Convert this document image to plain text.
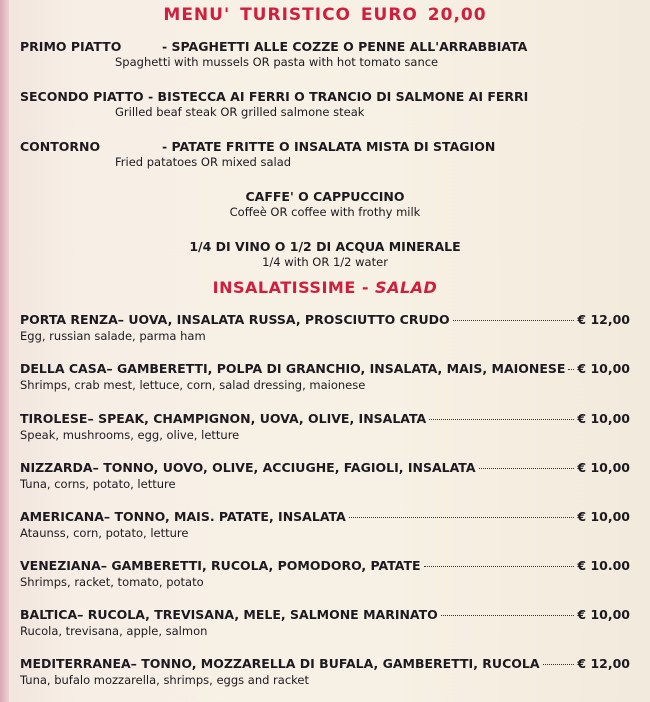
MENU' TURISTICO EURO 20,00
PRIMO PIATTO	- SPAGHETTI ALLE COZZE O PENNE ALL'ARRABBIATA
Spaghetti with mussels OR pasta with hot tomato sance
SECONDO PIATTO - BISTECCA AI FERRI O TRANCIO DI SALMONE AI FERRI
Grilled beaf steak OR grilled salmone steak
CONTORNO	- PATATE FRITTE O INSALATA MISTA DI STAGION
Fried patatoes OR mixed salad
CAFFE' O CAPPUCCINO
Coffeè OR coffee with frothy milk
1/4 DI VINO O 1/2 DI ACQUA MINERALE
1/4 with OR 1/2 water
INSALATISSIME - SALAD
PORTA RENZA – UOVA, INSALATA RUSSA, PROSCIUTTO CRUDO	€ 12,00
Egg, russian salade, parma ham
DELLA CASA – GAMBERETTI, POLPA DI GRANCHIO, INSALATA, MAIS, MAIONESE € 10,00
Shrimps, crab mest, lettuce, corn, salad dressing, maionese
TIROLESE – SPEAK, CHAMPIGNON, UOVA, OLIVE, INSALATA	€ 10,00
Speak, mushrooms, egg, olive, letture
NIZZARDA – TONNO, UOVO, OLIVE, ACCIUGHE, FAGIOLI, INSALATA	€ 10,00
Tuna, corns, potato, letture
AMERICANA – TONNO, MAIS. PATATE, INSALATA	€ 10,00
Ataunss, corn, potato, letture
VENEZIANA – GAMBERETTI, RUCOLA, POMODORO, PATATE	€ 10.00
Shrimps, racket, tomato, potato
BALTICA – RUCOLA, TREVISANA, MELE, SALMONE MARINATO	€ 10,00
Rucola, trevisana, apple, salmon
MEDITERRANEA – TONNO, MOZZARELLA DI BUFALA, GAMBERETTI, RUCOLA	€ 12,00
Tuna, bufalo mozzarella, shrimps, eggs and racket
